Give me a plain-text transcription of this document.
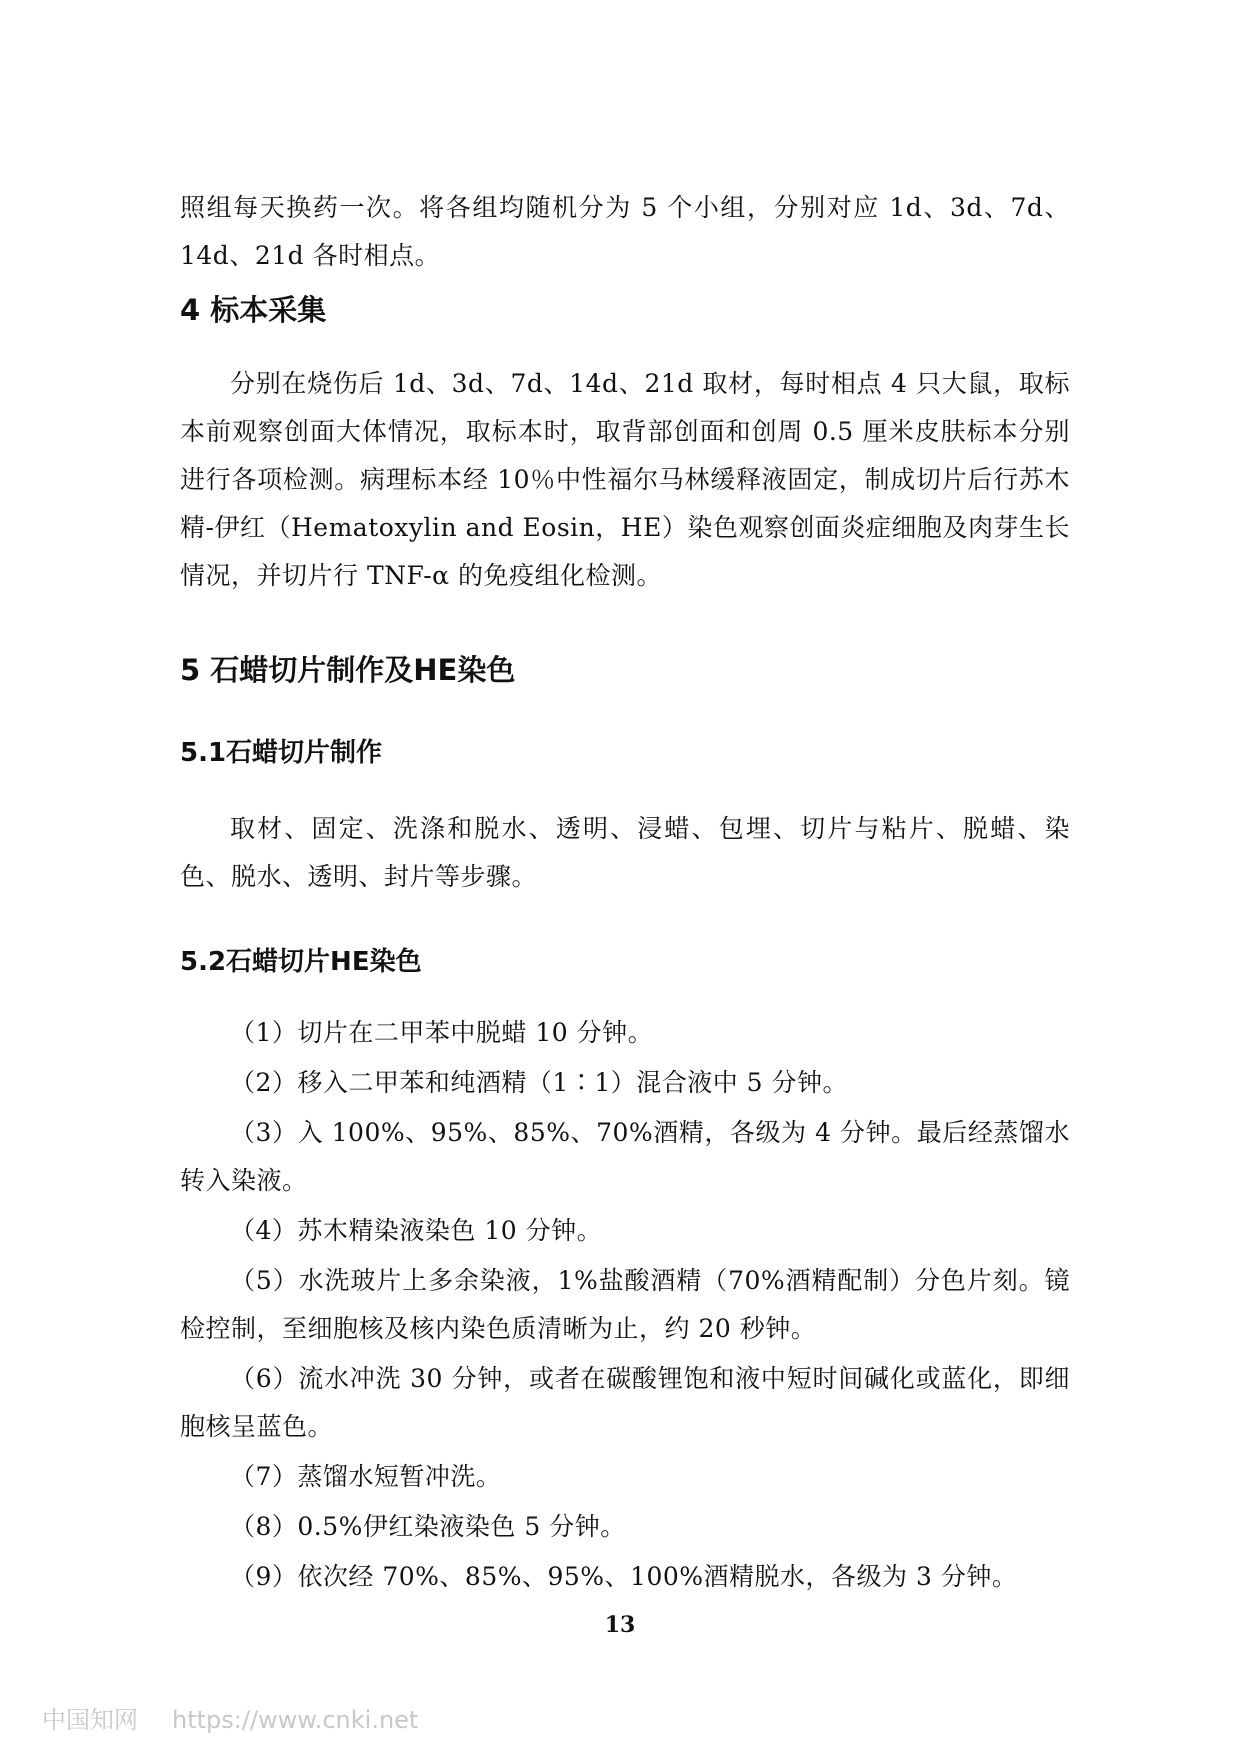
照组每天换药一次。将各组均随机分为 5 个小组，分别对应 1d、3d、7d、14d、21d 各时相点。

4 标本采集

分别在烧伤后 1d、3d、7d、14d、21d 取材，每时相点 4 只大鼠，取标本前观察创面大体情况，取标本时，取背部创面和创周 0.5 厘米皮肤标本分别进行各项检测。病理标本经 10％中性福尔马林缓释液固定，制成切片后行苏木精-伊红（Hematoxylin and Eosin，HE）染色观察创面炎症细胞及肉芽生长情况，并切片行 TNF-α 的免疫组化检测。

5 石蜡切片制作及HE染色
5.1石蜡切片制作

取材、固定、洗涤和脱水、透明、浸蜡、包埋、切片与粘片、脱蜡、染色、脱水、透明、封片等步骤。

5.2石蜡切片HE染色

（1）切片在二甲苯中脱蜡 10 分钟。

（2）移入二甲苯和纯酒精（1∶1）混合液中 5 分钟。

（3）入 100%、95%、85%、70%酒精，各级为 4 分钟。最后经蒸馏水转入染液。

（4）苏木精染液染色 10 分钟。

（5）水洗玻片上多余染液，1%盐酸酒精（70%酒精配制）分色片刻。镜检控制，至细胞核及核内染色质清晰为止，约 20 秒钟。

（6）流水冲洗 30 分钟，或者在碳酸锂饱和液中短时间碱化或蓝化，即细胞核呈蓝色。

（7）蒸馏水短暂冲洗。

（8）0.5%伊红染液染色 5 分钟。

（9）依次经 70%、85%、95%、100%酒精脱水，各级为 3 分钟。

13
中国知网 https://www.cnki.net
